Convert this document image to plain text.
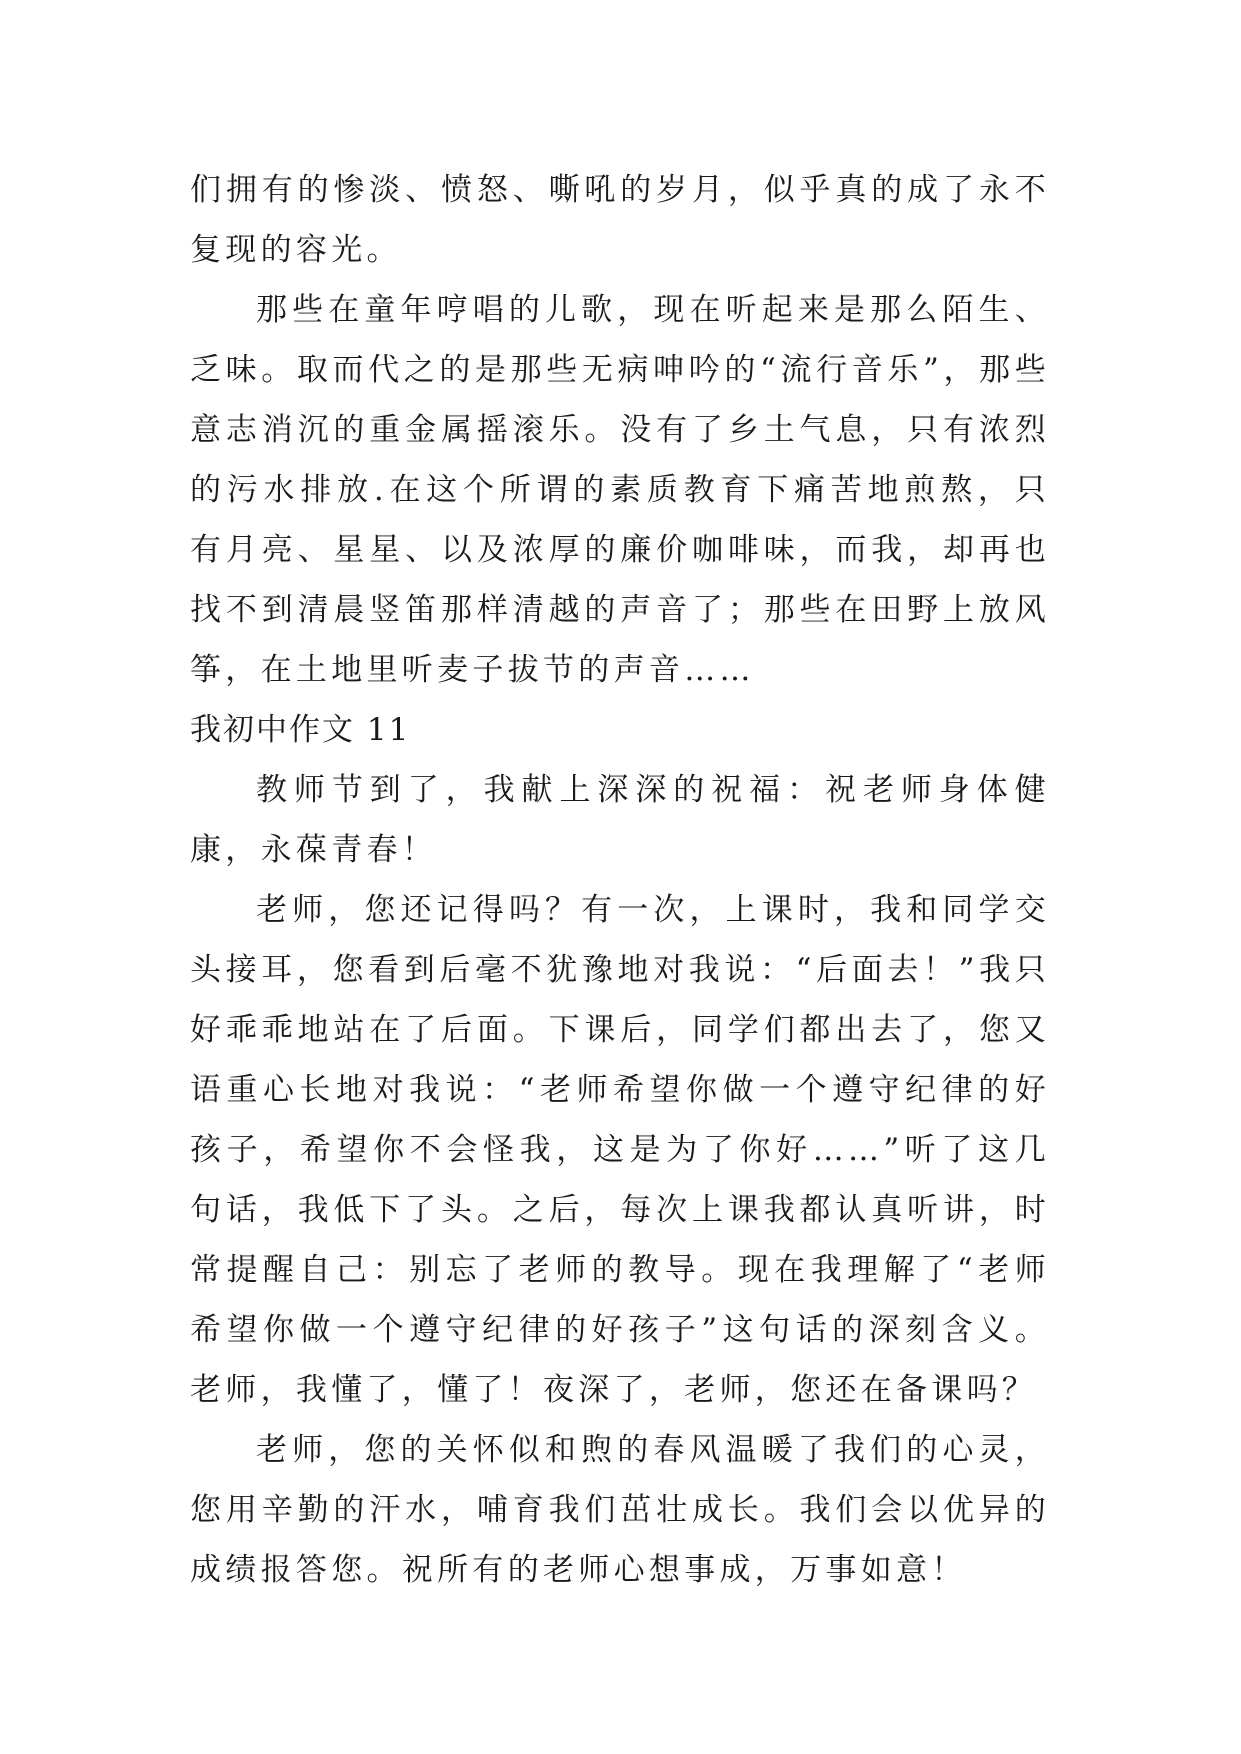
们拥有的惨淡、愤怒、嘶吼的岁月，似乎真的成了永不复现的容光。

那些在童年哼唱的儿歌，现在听起来是那么陌生、乏味。取而代之的是那些无病呻吟的“流行音乐”，那些意志消沉的重金属摇滚乐。没有了乡土气息，只有浓烈的污水排放.在这个所谓的素质教育下痛苦地煎熬，只有月亮、星星、以及浓厚的廉价咖啡味，而我，却再也找不到清晨竖笛那样清越的声音了；那些在田野上放风筝，在土地里听麦子拔节的声音……

我初中作文 11

教师节到了，我献上深深的祝福：祝老师身体健康，永葆青春！

老师，您还记得吗？有一次，上课时，我和同学交头接耳，您看到后毫不犹豫地对我说：“后面去！”我只好乖乖地站在了后面。下课后，同学们都出去了，您又语重心长地对我说：“老师希望你做一个遵守纪律的好孩子，希望你不会怪我，这是为了你好……”听了这几句话，我低下了头。之后，每次上课我都认真听讲，时常提醒自己：别忘了老师的教导。现在我理解了“老师希望你做一个遵守纪律的好孩子”这句话的深刻含义。老师，我懂了，懂了！夜深了，老师，您还在备课吗？

老师，您的关怀似和煦的春风温暖了我们的心灵，您用辛勤的汗水，哺育我们茁壮成长。我们会以优异的成绩报答您。祝所有的老师心想事成，万事如意！
